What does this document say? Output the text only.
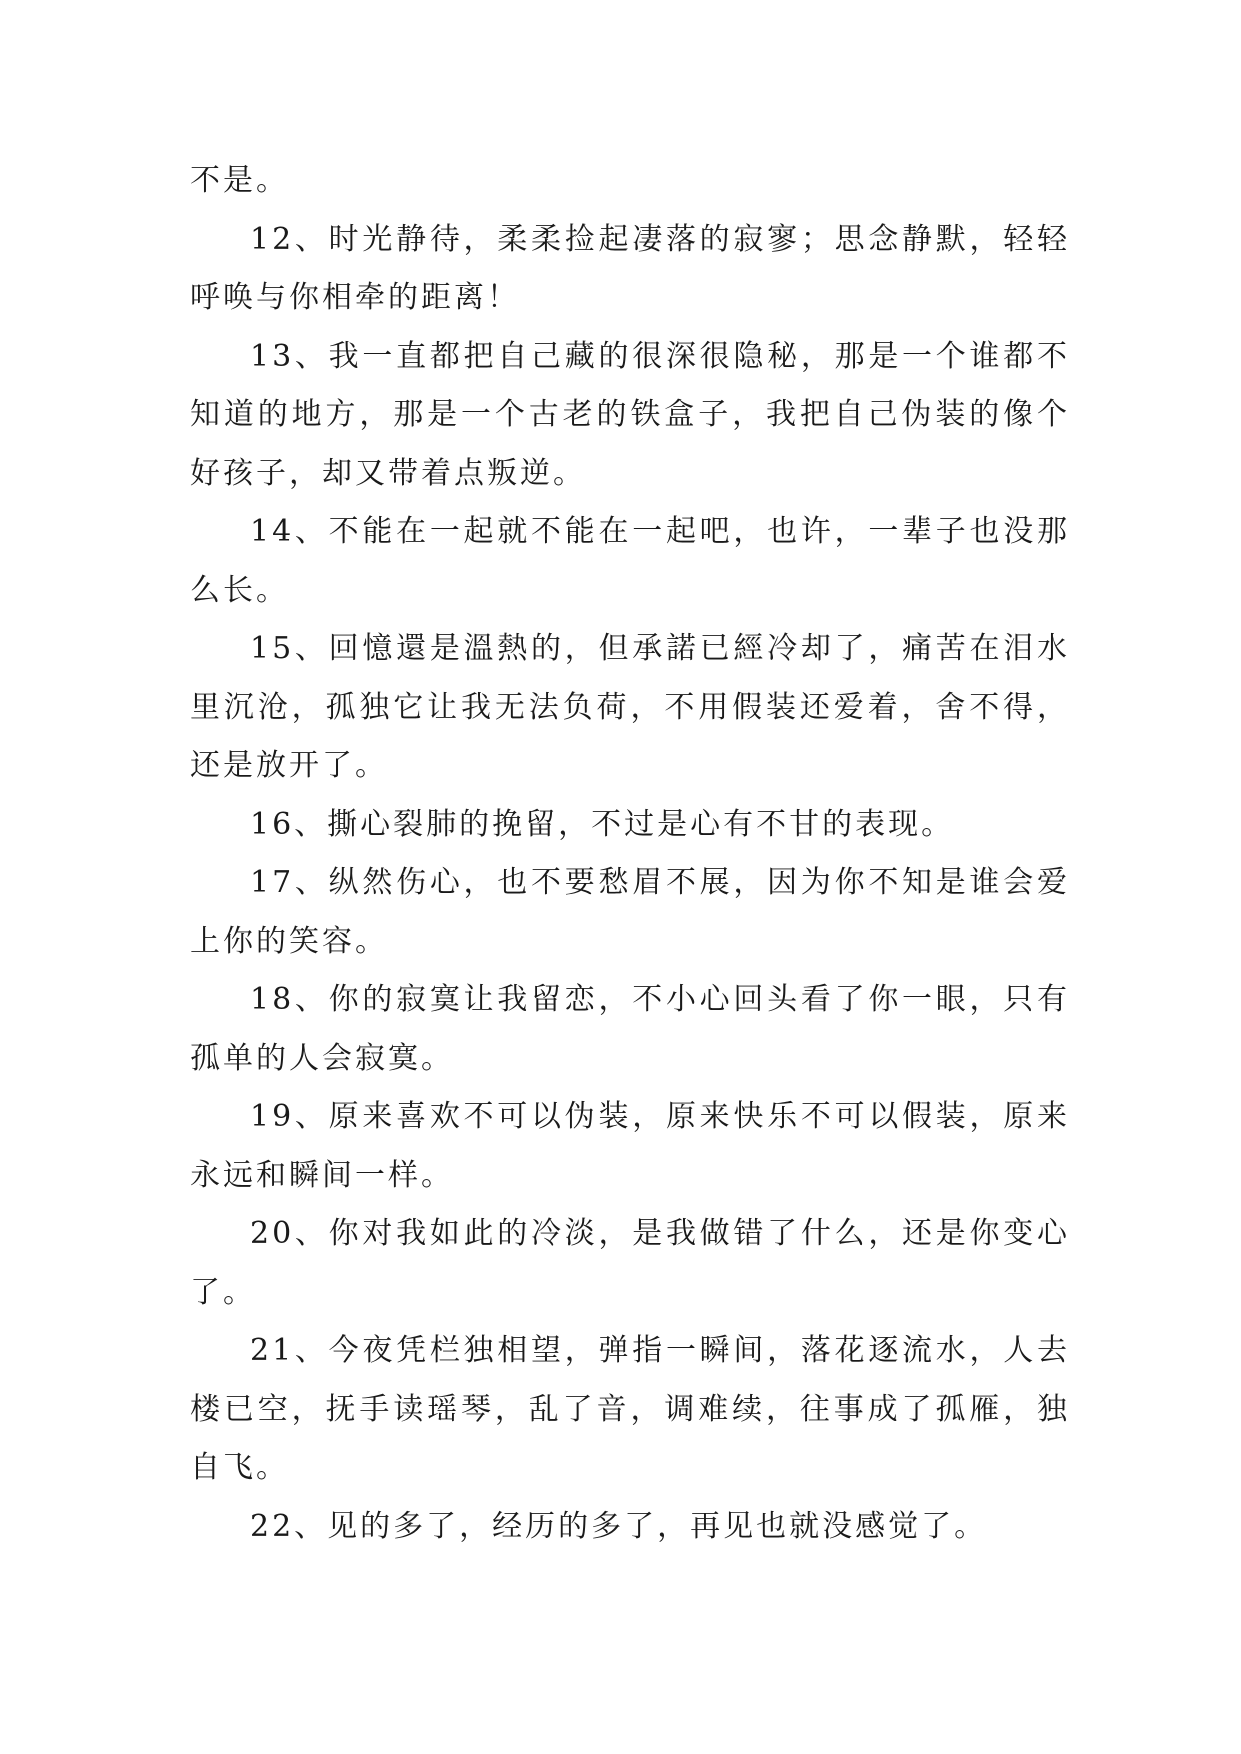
不是。

12、时光静待，柔柔捡起凄落的寂寥；思念静默，轻轻呼唤与你相牵的距离！

13、我一直都把自己藏的很深很隐秘，那是一个谁都不知道的地方，那是一个古老的铁盒子，我把自己伪装的像个好孩子，却又带着点叛逆。

14、不能在一起就不能在一起吧，也许，一辈子也没那么长。

15、回憶還是溫熱的，但承諾已經冷却了，痛苦在泪水里沉沧，孤独它让我无法负荷，不用假装还爱着，舍不得，还是放开了。

16、撕心裂肺的挽留，不过是心有不甘的表现。

17、纵然伤心，也不要愁眉不展，因为你不知是谁会爱上你的笑容。

18、你的寂寞让我留恋，不小心回头看了你一眼，只有孤单的人会寂寞。

19、原来喜欢不可以伪装，原来快乐不可以假装，原来永远和瞬间一样。

20、你对我如此的冷淡，是我做错了什么，还是你变心了。

21、今夜凭栏独相望，弹指一瞬间，落花逐流水，人去楼已空，抚手读瑶琴，乱了音，调难续，往事成了孤雁，独自飞。

22、见的多了，经历的多了，再见也就没感觉了。
